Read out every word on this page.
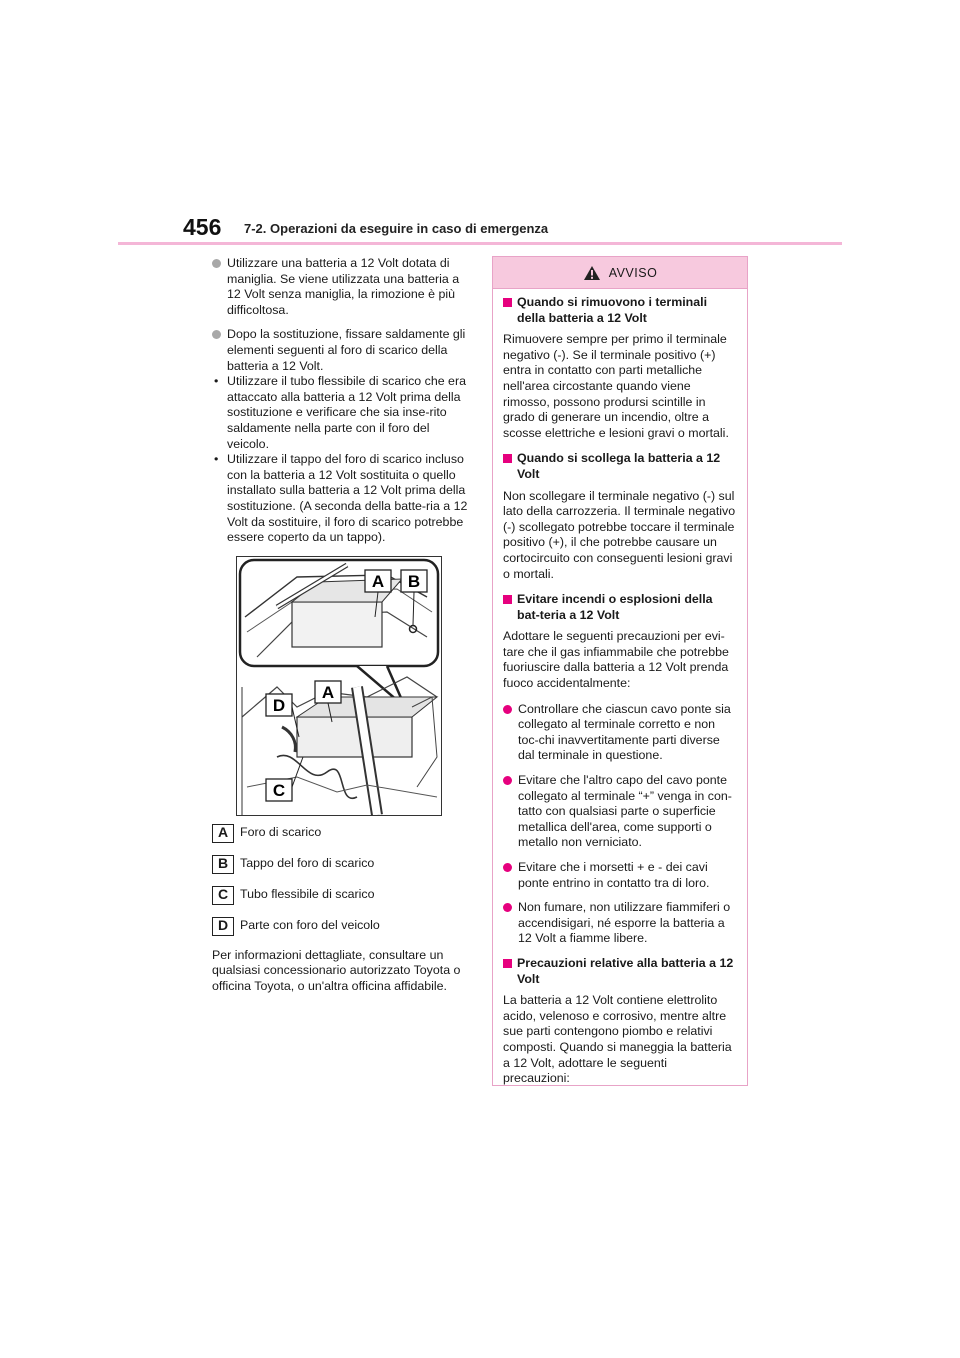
456 7-2. Operazioni da eseguire in caso di emergenza
Utilizzare una batteria a 12 Volt dotata di maniglia. Se viene utilizzata una batteria a 12 Volt senza maniglia, la rimozione è più difficoltosa.
Dopo la sostituzione, fissare saldamente gli elementi seguenti al foro di scarico della batteria a 12 Volt.
• Utilizzare il tubo flessibile di scarico che era attaccato alla batteria a 12 Volt prima della sostituzione e verificare che sia inse-rito saldamente nella parte con il foro del veicolo.
• Utilizzare il tappo del foro di scarico incluso con la batteria a 12 Volt sostituita o quello installato sulla batteria a 12 Volt prima della sostituzione. (A seconda della batte-ria a 12 Volt da sostituire, il foro di scarico potrebbe essere coperto da un tappo).
A B
A
D
C
A Foro di scarico
B Tappo del foro di scarico
C Tubo flessibile di scarico
D Parte con foro del veicolo
Per informazioni dettagliate, consultare un qualsiasi concessionario autorizzato Toyota o officina Toyota, o un'altra officina affidabile.
AVVISO
Quando si rimuovono i terminali della batteria a 12 Volt
Rimuovere sempre per primo il terminale negativo (-). Se il terminale positivo (+) entra in contatto con parti metalliche nell'area circostante quando viene rimosso, possono prodursi scintille in grado di generare un incendio, oltre a scosse elettriche e lesioni gravi o mortali.
Quando si scollega la batteria a 12 Volt
Non scollegare il terminale negativo (-) sul lato della carrozzeria. Il terminale negativo (-) scollegato potrebbe toccare il terminale positivo (+), il che potrebbe causare un cortocircuito con conseguenti lesioni gravi o mortali.
Evitare incendi o esplosioni della bat-teria a 12 Volt
Adottare le seguenti precauzioni per evi-tare che il gas infiammabile che potrebbe fuoriuscire dalla batteria a 12 Volt prenda fuoco accidentalmente:
Controllare che ciascun cavo ponte sia collegato al terminale corretto e non toc-chi inavvertitamente parti diverse dal terminale in questione.
Evitare che l'altro capo del cavo ponte collegato al terminale “+” venga in con-tatto con qualsiasi parte o superficie metallica dell'area, come supporti o metallo non verniciato.
Evitare che i morsetti + e - dei cavi ponte entrino in contatto tra di loro.
Non fumare, non utilizzare fiammiferi o accendisigari, né esporre la batteria a 12 Volt a fiamme libere.
Precauzioni relative alla batteria a 12 Volt
La batteria a 12 Volt contiene elettrolito acido, velenoso e corrosivo, mentre altre sue parti contengono piombo e relativi composti. Quando si maneggia la batteria a 12 Volt, adottare le seguenti precauzioni:
